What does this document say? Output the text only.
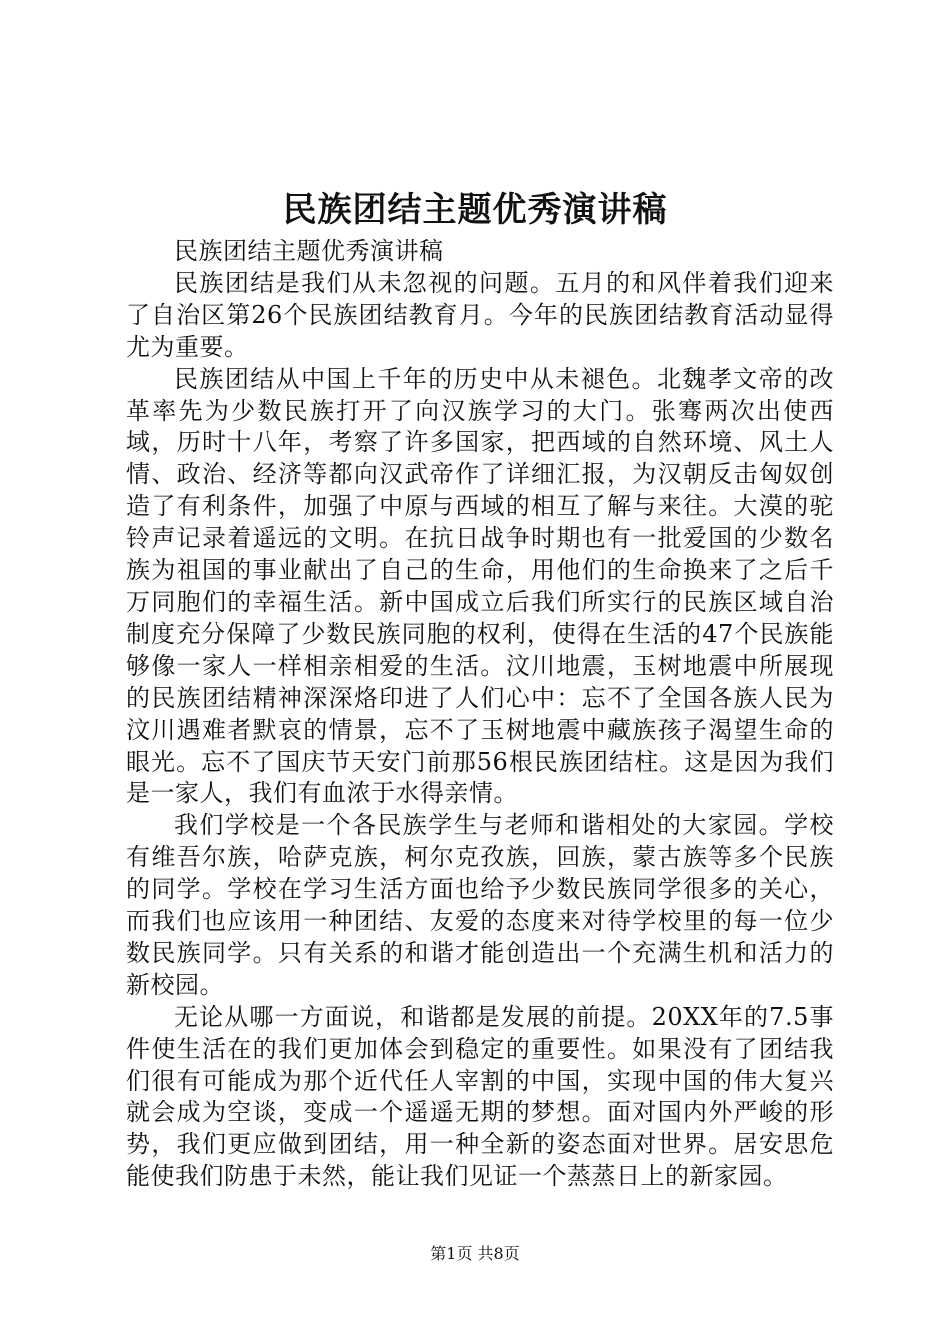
民族团结主题优秀演讲稿

民族团结主题优秀演讲稿

民族团结是我们从未忽视的问题。五月的和风伴着我们迎来了自治区第26个民族团结教育月。今年的民族团结教育活动显得尤为重要。

民族团结从中国上千年的历史中从未褪色。北魏孝文帝的改革率先为少数民族打开了向汉族学习的大门。张骞两次出使西域，历时十八年，考察了许多国家，把西域的自然环境、风土人情、政治、经济等都向汉武帝作了详细汇报，为汉朝反击匈奴创造了有利条件，加强了中原与西域的相互了解与来往。大漠的驼铃声记录着遥远的文明。在抗日战争时期也有一批爱国的少数名族为祖国的事业献出了自己的生命，用他们的生命换来了之后千万同胞们的幸福生活。新中国成立后我们所实行的民族区域自治制度充分保障了少数民族同胞的权利，使得在生活的47个民族能够像一家人一样相亲相爱的生活。汶川地震，玉树地震中所展现的民族团结精神深深烙印进了人们心中：忘不了全国各族人民为汶川遇难者默哀的情景，忘不了玉树地震中藏族孩子渴望生命的眼光。忘不了国庆节天安门前那56根民族团结柱。这是因为我们是一家人，我们有血浓于水得亲情。

我们学校是一个各民族学生与老师和谐相处的大家园。学校有维吾尔族，哈萨克族，柯尔克孜族，回族，蒙古族等多个民族的同学。学校在学习生活方面也给予少数民族同学很多的关心，而我们也应该用一种团结、友爱的态度来对待学校里的每一位少数民族同学。只有关系的和谐才能创造出一个充满生机和活力的新校园。

无论从哪一方面说，和谐都是发展的前提。20XX年的7.5事件使生活在的我们更加体会到稳定的重要性。如果没有了团结我们很有可能成为那个近代任人宰割的中国，实现中国的伟大复兴就会成为空谈，变成一个遥遥无期的梦想。面对国内外严峻的形势，我们更应做到团结，用一种全新的姿态面对世界。居安思危能使我们防患于未然，能让我们见证一个蒸蒸日上的新家园。

第1页 共8页
